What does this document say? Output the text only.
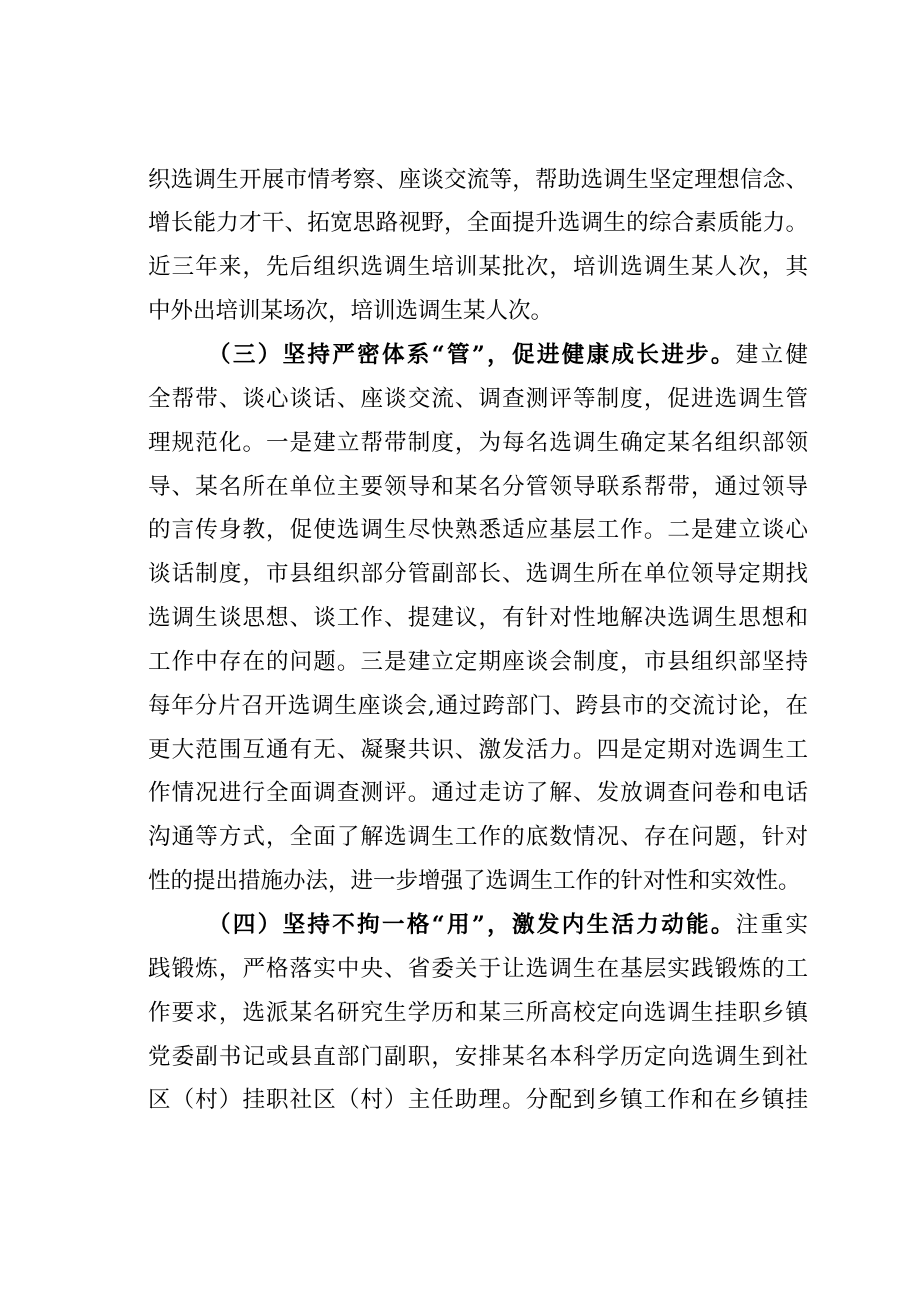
织选调生开展市情考察、座谈交流等，帮助选调生坚定理想信念、
增长能力才干、拓宽思路视野，全面提升选调生的综合素质能力。
近三年来，先后组织选调生培训某批次，培训选调生某人次，其
中外出培训某场次，培训选调生某人次。
（三）坚持严密体系“管”，促进健康成长进步。建立健
全帮带、谈心谈话、座谈交流、调查测评等制度，促进选调生管
理规范化。一是建立帮带制度，为每名选调生确定某名组织部领
导、某名所在单位主要领导和某名分管领导联系帮带，通过领导
的言传身教，促使选调生尽快熟悉适应基层工作。二是建立谈心
谈话制度，市县组织部分管副部长、选调生所在单位领导定期找
选调生谈思想、谈工作、提建议，有针对性地解决选调生思想和
工作中存在的问题。三是建立定期座谈会制度，市县组织部坚持
每年分片召开选调生座谈会,通过跨部门、跨县市的交流讨论，在
更大范围互通有无、凝聚共识、激发活力。四是定期对选调生工
作情况进行全面调查测评。通过走访了解、发放调查问卷和电话
沟通等方式，全面了解选调生工作的底数情况、存在问题，针对
性的提出措施办法，进一步增强了选调生工作的针对性和实效性。
（四）坚持不拘一格“用”，激发内生活力动能。注重实
践锻炼，严格落实中央、省委关于让选调生在基层实践锻炼的工
作要求，选派某名研究生学历和某三所高校定向选调生挂职乡镇
党委副书记或县直部门副职，安排某名本科学历定向选调生到社
区（村）挂职社区（村）主任助理。分配到乡镇工作和在乡镇挂
